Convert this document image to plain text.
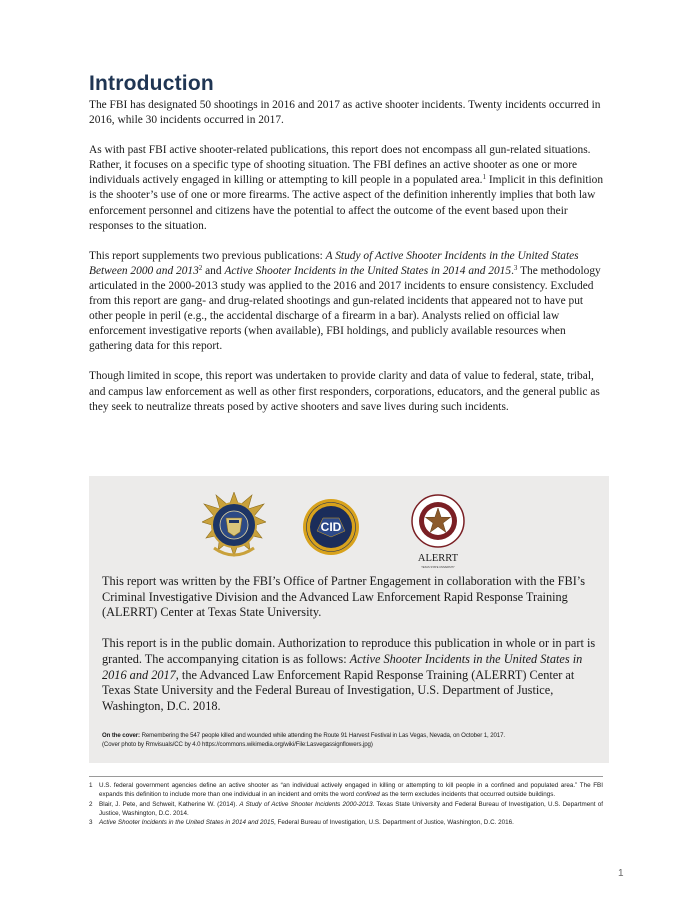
Introduction

The FBI has designated 50 shootings in 2016 and 2017 as active shooter incidents. Twenty incidents occurred in 2016, while 30 incidents occurred in 2017.

As with past FBI active shooter-related publications, this report does not encompass all gun-related situations. Rather, it focuses on a specific type of shooting situation. The FBI defines an active shooter as one or more individuals actively engaged in killing or attempting to kill people in a populated area.$^1$ Implicit in this definition is the shooter’s use of one or more firearms. The active aspect of the definition inherently implies that both law enforcement personnel and citizens have the potential to affect the outcome of the event based upon their responses to the situation.

This report supplements two previous publications: A Study of Active Shooter Incidents in the United States Between 2000 and 2013$^2$ and Active Shooter Incidents in the United States in 2014 and 2015.$^3$ The methodology articulated in the 2000-2013 study was applied to the 2016 and 2017 incidents to ensure consistency. Excluded from this report are gang- and drug-related shootings and gun-related incidents that appeared not to have put other people in peril (e.g., the accidental discharge of a firearm in a bar). Analysts relied on official law enforcement investigative reports (when available), FBI holdings, and publicly available resources when gathering data for this report.

Though limited in scope, this report was undertaken to provide clarity and data of value to federal, state, tribal, and campus law enforcement as well as other first responders, corporations, educators, and the general public as they seek to neutralize threats posed by active shooters and save lives during such incidents.

CID
ALERRT
TEXAS STATE UNIVERSITY

This report was written by the FBI’s Office of Partner Engagement in collaboration with the FBI’s Criminal Investigative Division and the Advanced Law Enforcement Rapid Response Training (ALERRT) Center at Texas State University.

This report is in the public domain. Authorization to reproduce this publication in whole or in part is granted. The accompanying citation is as follows: Active Shooter Incidents in the United States in 2016 and 2017, the Advanced Law Enforcement Rapid Response Training (ALERRT) Center at Texas State University and the Federal Bureau of Investigation, U.S. Department of Justice, Washington, D.C. 2018.

On the cover: Remembering the 547 people killed and wounded while attending the Route 91 Harvest Festival in Las Vegas, Nevada, on October 1, 2017.
(Cover photo by Rmvisuals/CC by 4.0 https://commons.wikimedia.org/wiki/File:Lasvegassignflowers.jpg)
1	U.S. federal government agencies define an active shooter as “an individual actively engaged in killing or attempting to kill people in a confined and populated area.” The FBI expands this definition to include more than one individual in an incident and omits the word confined as the term excludes incidents that occurred outside buildings.
2	Blair, J. Pete, and Schweit, Katherine W. (2014). A Study of Active Shooter Incidents 2000-2013. Texas State University and Federal Bureau of Investigation, U.S. Department of Justice, Washington, D.C. 2014.
3	Active Shooter Incidents in the United States in 2014 and 2015, Federal Bureau of Investigation, U.S. Department of Justice, Washington, D.C. 2016.
1
